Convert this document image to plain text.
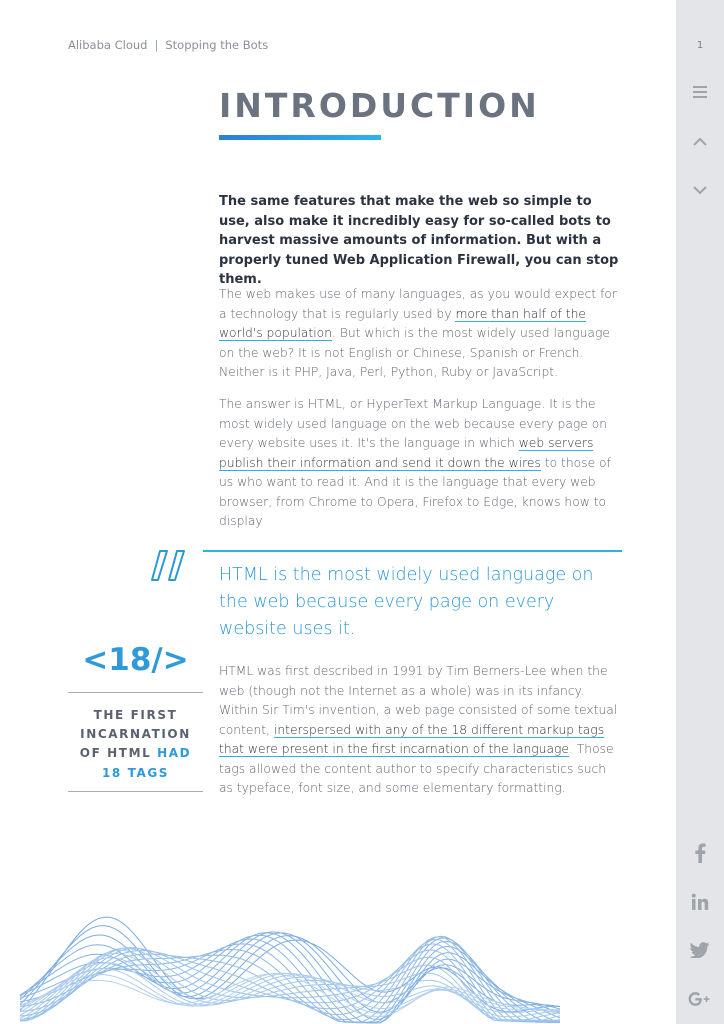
Alibaba Cloud | Stopping the Bots
INTRODUCTION
The same features that make the web so simple to use, also make it incredibly easy for so-called bots to harvest massive amounts of information. But with a properly tuned Web Application Firewall, you can stop them.
The web makes use of many languages, as you would expect for a technology that is regularly used by more than half of the world's population. But which is the most widely used language on the web? It is not English or Chinese, Spanish or French. Neither is it PHP, Java, Perl, Python, Ruby or JavaScript.
The answer is HTML, or HyperText Markup Language. It is the most widely used language on the web because every page on every website uses it. It's the language in which web servers publish their information and send it down the wires to those of us who want to read it. And it is the language that every web browser, from Chrome to Opera, Firefox to Edge, knows how to display
HTML is the most widely used language on the web because every page on every website uses it.
<18/>
THE FIRST
INCARNATION
OF HTML HAD
18 TAGS
HTML was first described in 1991 by Tim Berners-Lee when the web (though not the Internet as a whole) was in its infancy. Within Sir Tim's invention, a web page consisted of some textual content, interspersed with any of the 18 different markup tags that were present in the first incarnation of the language. Those tags allowed the content author to specify characteristics such as typeface, font size, and some elementary formatting.
1
